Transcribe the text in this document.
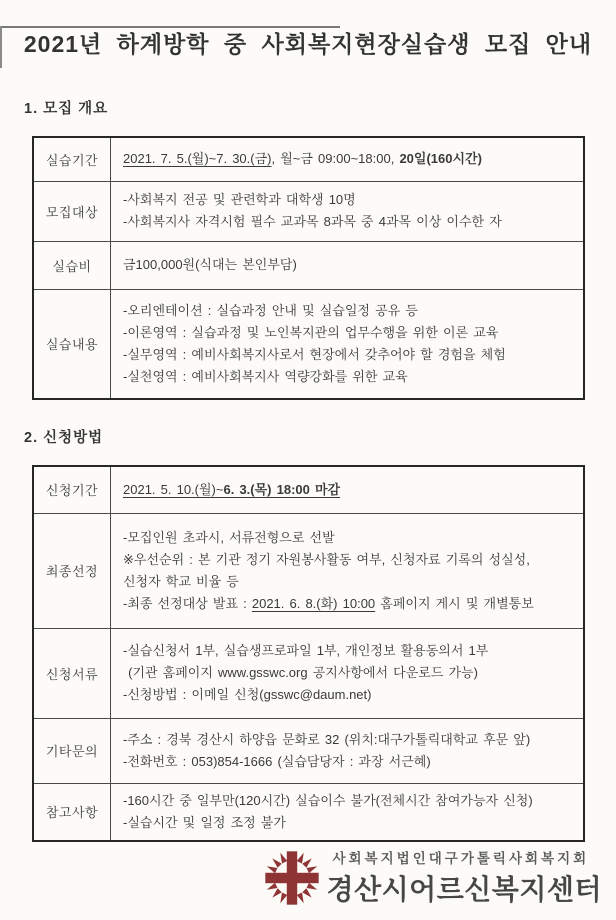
2021년 하계방학 중 사회복지현장실습생 모집 안내
1. 모집 개요
실습기간	2021. 7. 5.(월)~7. 30.(금), 월~금 09:00~18:00, 20일(160시간)

모집대상	-사회복지 전공 및 관련학과 대학생 10명
-사회복지사 자격시험 필수 교과목 8과목 중 4과목 이상 이수한 자

실습비	금100,000원(식대는 본인부담)

실습내용	-오리엔테이션 : 실습과정 안내 및 실습일정 공유 등
-이론영역 : 실습과정 및 노인복지관의 업무수행을 위한 이론 교육
-실무영역 : 예비사회복지사로서 현장에서 갖추어야 할 경험을 체험
-실천영역 : 예비사회복지사 역량강화를 위한 교육
2. 신청방법
신청기간	2021. 5. 10.(월)~6. 3.(목) 18:00 마감

최종선정	-모집인원 초과시, 서류전형으로 선발
※우선순위 : 본 기관 정기 자원봉사활동 여부, 신청자료 기록의 성실성,
신청자 학교 비율 등
-최종 선정대상 발표 : 2021. 6. 8.(화) 10:00 홈페이지 게시 및 개별통보

신청서류	-실습신청서 1부, 실습생프로파일 1부, 개인정보 활용동의서 1부
(기관 홈페이지 www.gsswc.org 공지사항에서 다운로드 가능)
-신청방법 : 이메일 신청(gsswc@daum.net)

기타문의	-주소 : 경북 경산시 하양읍 문화로 32 (위치:대구가톨릭대학교 후문 앞)
-전화번호 : 053)854-1666 (실습담당자 : 과장 서근혜)

참고사항	-160시간 중 일부만(120시간) 실습이수 불가(전체시간 참여가능자 신청)
-실습시간 및 일정 조정 불가
사회복지법인대구가톨릭사회복지회
경산시어르신복지센터
